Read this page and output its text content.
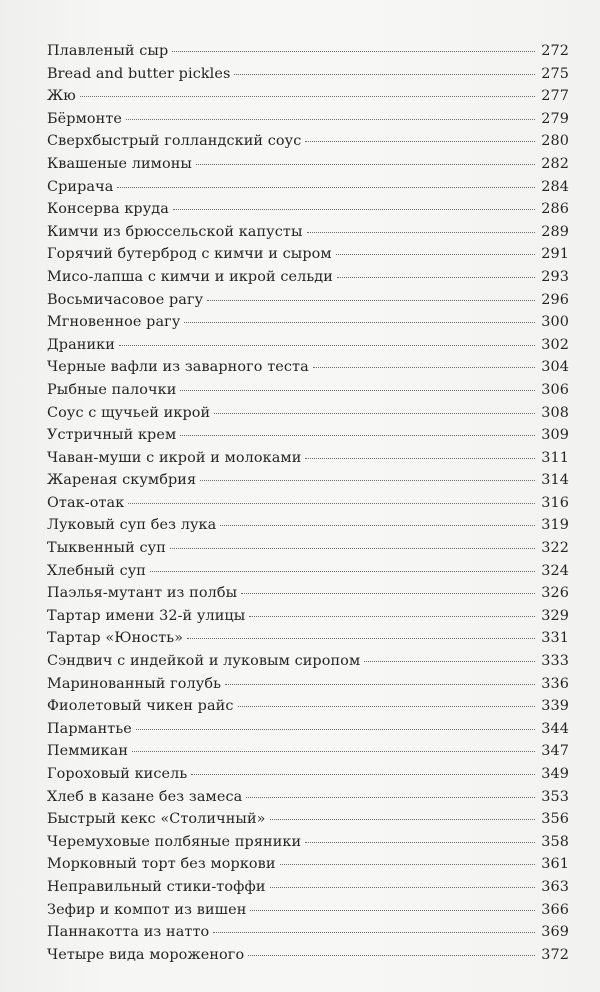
Плавленый сыр	272
Bread and butter pickles	275
Жю	277
Бёрмонте	279
Сверхбыстрый голландский соус	280
Квашеные лимоны	282
Срирача	284
Консерва круда	286
Кимчи из брюссельской капусты	289
Горячий бутерброд с кимчи и сыром	291
Мисо-лапша с кимчи и икрой сельди	293
Восьмичасовое рагу	296
Мгновенное рагу	300
Драники	302
Черные вафли из заварного теста	304
Рыбные палочки	306
Соус с щучьей икрой	308
Устричный крем	309
Чаван-муши с икрой и молоками	311
Жареная скумбрия	314
Отак-отак	316
Луковый суп без лука	319
Тыквенный суп	322
Хлебный суп	324
Паэлья-мутант из полбы	326
Тартар имени 32-й улицы	329
Тартар «Юность»	331
Сэндвич с индейкой и луковым сиропом	333
Маринованный голубь	336
Фиолетовый чикен райс	339
Пармантье	344
Пеммикан	347
Гороховый кисель	349
Хлеб в казане без замеса	353
Быстрый кекс «Столичный»	356
Черемуховые полбяные пряники	358
Морковный торт без моркови	361
Неправильный стики-тоффи	363
Зефир и компот из вишен	366
Паннакотта из натто	369
Четыре вида мороженого	372
